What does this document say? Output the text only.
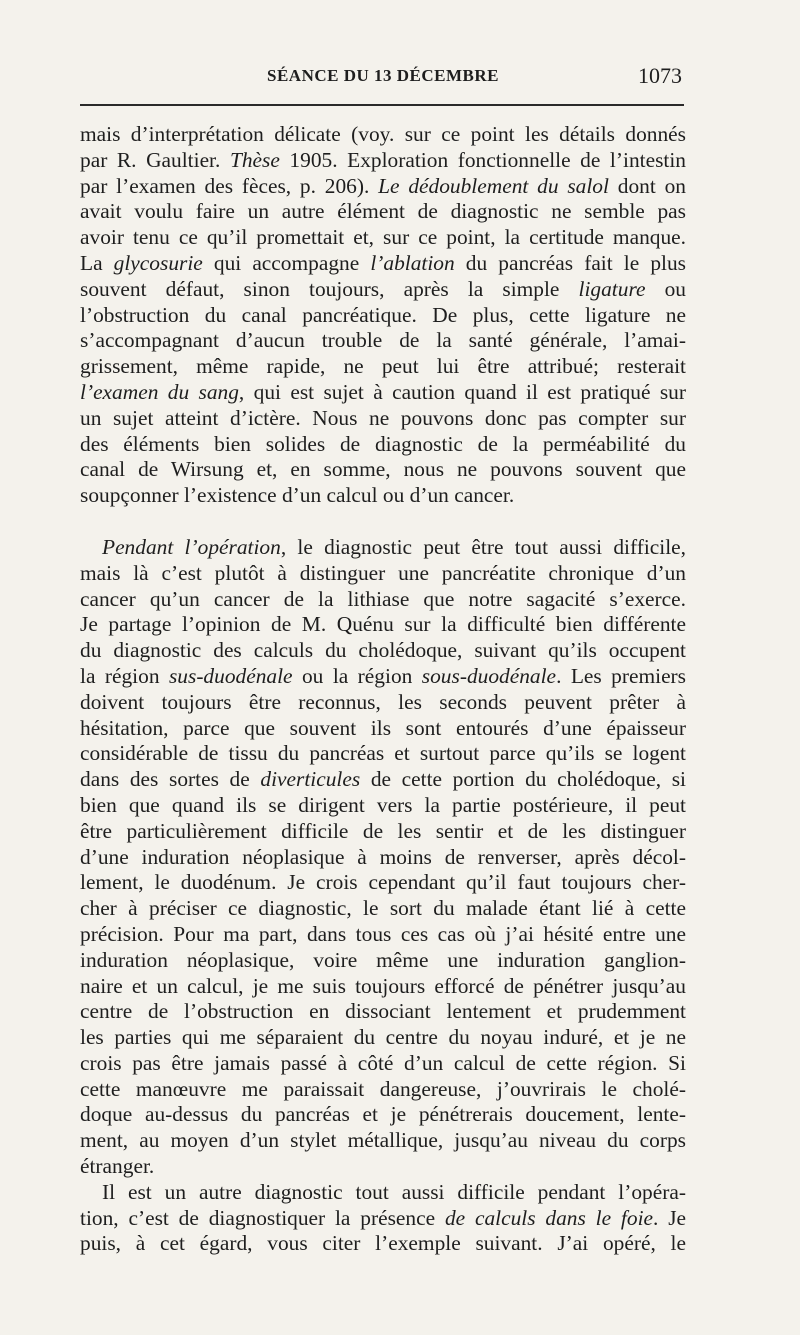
SÉANCE DU 13 DÉCEMBRE	1073

mais d’interprétation délicate (voy. sur ce point les détails donnés
par R. Gaultier. Thèse 1905. Exploration fonctionnelle de l’intestin
par l’examen des fèces, p. 206). Le dédoublement du salol dont on
avait voulu faire un autre élément de diagnostic ne semble pas
avoir tenu ce qu’il promettait et, sur ce point, la certitude manque.
La glycosurie qui accompagne l’ablation du pancréas fait le plus
souvent défaut, sinon toujours, après la simple ligature ou
l’obstruction du canal pancréatique. De plus, cette ligature ne
s’accompagnant d’aucun trouble de la santé générale, l’amai-
grissement, même rapide, ne peut lui être attribué; resterait
l’examen du sang, qui est sujet à caution quand il est pratiqué sur
un sujet atteint d’ictère. Nous ne pouvons donc pas compter sur
des éléments bien solides de diagnostic de la perméabilité du
canal de Wirsung et, en somme, nous ne pouvons souvent que
soupçonner l’existence d’un calcul ou d’un cancer.

Pendant l’opération, le diagnostic peut être tout aussi difficile,
mais là c’est plutôt à distinguer une pancréatite chronique d’un
cancer qu’un cancer de la lithiase que notre sagacité s’exerce.
Je partage l’opinion de M. Quénu sur la difficulté bien différente
du diagnostic des calculs du cholédoque, suivant qu’ils occupent
la région sus-duodénale ou la région sous-duodénale. Les premiers
doivent toujours être reconnus, les seconds peuvent prêter à
hésitation, parce que souvent ils sont entourés d’une épaisseur
considérable de tissu du pancréas et surtout parce qu’ils se logent
dans des sortes de diverticules de cette portion du cholédoque, si
bien que quand ils se dirigent vers la partie postérieure, il peut
être particulièrement difficile de les sentir et de les distinguer
d’une induration néoplasique à moins de renverser, après décol-
lement, le duodénum. Je crois cependant qu’il faut toujours cher-
cher à préciser ce diagnostic, le sort du malade étant lié à cette
précision. Pour ma part, dans tous ces cas où j’ai hésité entre une
induration néoplasique, voire même une induration ganglion-
naire et un calcul, je me suis toujours efforcé de pénétrer jusqu’au
centre de l’obstruction en dissociant lentement et prudemment
les parties qui me séparaient du centre du noyau induré, et je ne
crois pas être jamais passé à côté d’un calcul de cette région. Si
cette manœuvre me paraissait dangereuse, j’ouvrirais le cholé-
doque au-dessus du pancréas et je pénétrerais doucement, lente-
ment, au moyen d’un stylet métallique, jusqu’au niveau du corps
étranger.

Il est un autre diagnostic tout aussi difficile pendant l’opéra-
tion, c’est de diagnostiquer la présence de calculs dans le foie. Je
puis, à cet égard, vous citer l’exemple suivant. J’ai opéré, le
